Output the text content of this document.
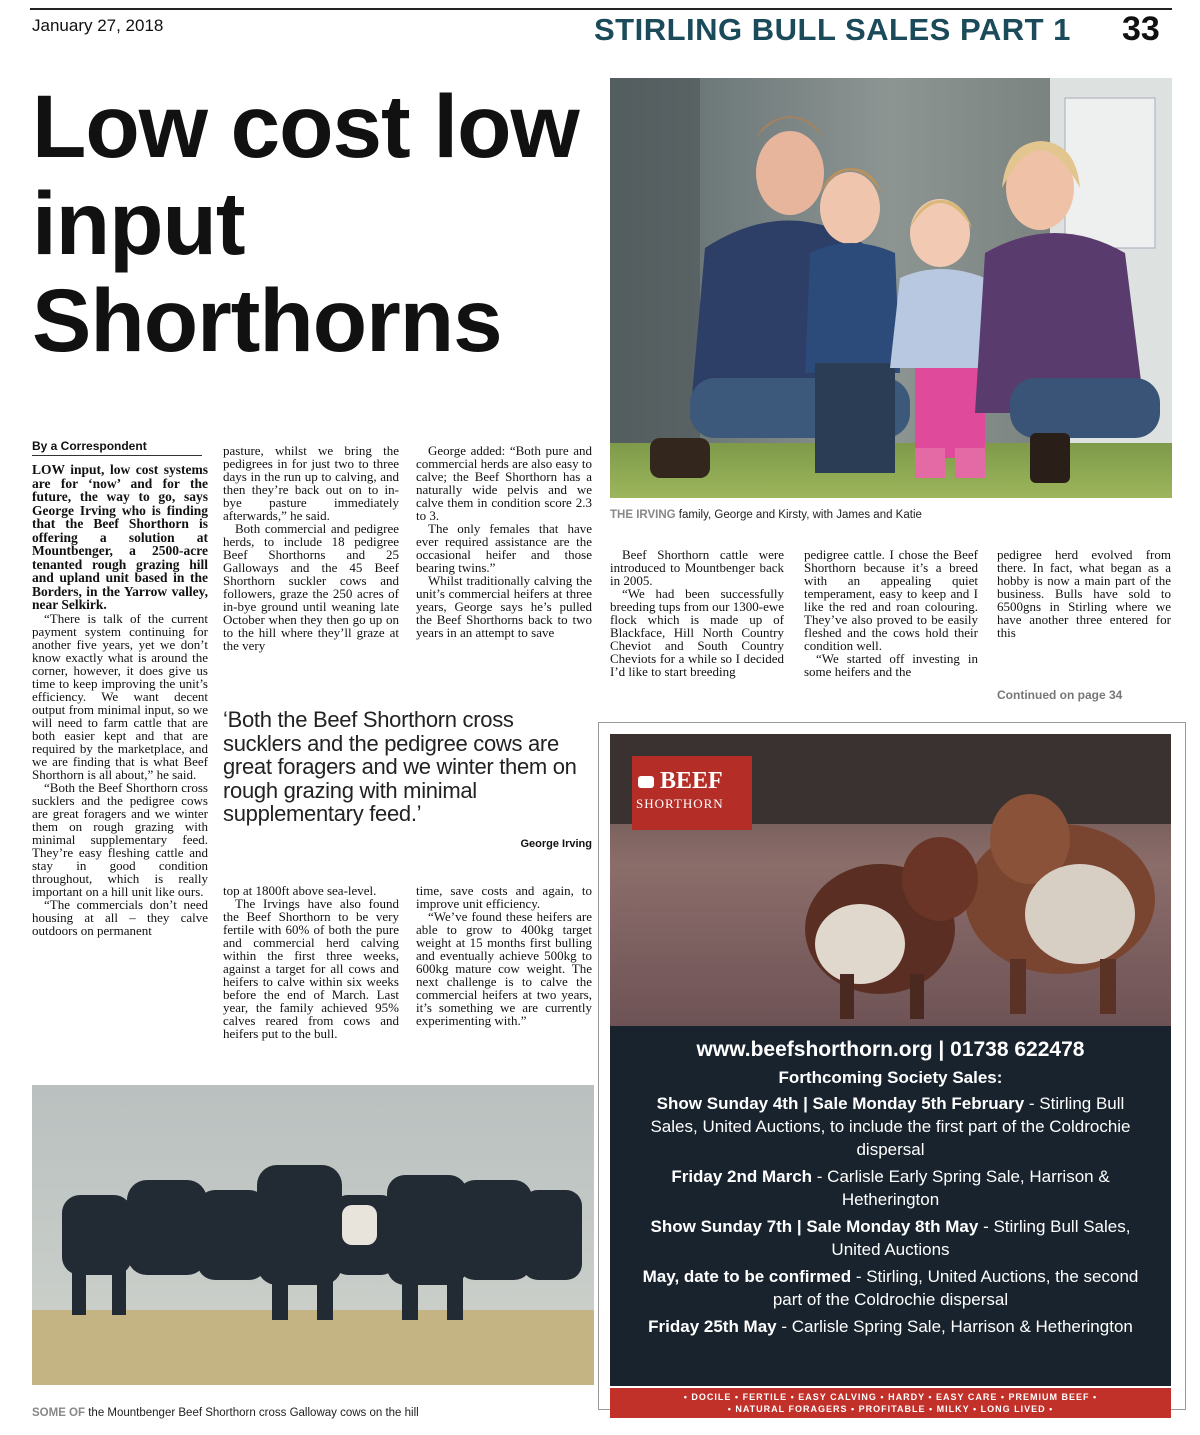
January 27, 2018	STIRLING BULL SALES PART 1 33
Low cost low input Shorthorns
By a Correspondent

LOW input, low cost systems are for ‘now’ and for the future, the way to go, says George Irving who is finding that the Beef Shorthorn is offering a solution at Mountbenger, a 2500-acre tenanted rough grazing hill and upland unit based in the Borders, in the Yarrow valley, near Selkirk.

“There is talk of the current payment system continuing for another five years, yet we don’t know exactly what is around the corner, however, it does give us time to keep improving the unit’s efficiency. We want decent output from minimal input, so we will need to farm cattle that are both easier kept and that are required by the marketplace, and we are finding that is what Beef Shorthorn is all about,” he said.

“Both the Beef Shorthorn cross sucklers and the pedigree cows are great foragers and we winter them on rough grazing with minimal supplementary feed. They’re easy fleshing cattle and stay in good condition throughout, which is really important on a hill unit like ours.

“The commercials don’t need housing at all – they calve outdoors on permanent

pasture, whilst we bring the pedigrees in for just two to three days in the run up to calving, and then they’re back out on to in-bye pasture immediately afterwards,” he said.

Both commercial and pedigree herds, to include 18 pedigree Beef Shorthorns and 25 Galloways and the 45 Beef Shorthorn suckler cows and followers, graze the 250 acres of in-bye ground until weaning late October when they then go up on to the hill where they’ll graze at the very

George added: “Both pure and commercial herds are also easy to calve; the Beef Shorthorn has a naturally wide pelvis and we calve them in condition score 2.3 to 3.

The only females that have ever required assistance are the occasional heifer and those bearing twins.”

Whilst traditionally calving the unit’s commercial heifers at three years, George says he’s pulled the Beef Shorthorns back to two years in an attempt to save

‘Both the Beef Shorthorn cross sucklers and the pedigree cows are great foragers and we winter them on rough grazing with minimal supplementary feed.’
George Irving

top at 1800ft above sea-level.

The Irvings have also found the Beef Shorthorn to be very fertile with 60% of both the pure and commercial herd calving within the first three weeks, against a target for all cows and heifers to calve within six weeks before the end of March. Last year, the family achieved 95% calves reared from cows and heifers put to the bull.

time, save costs and again, to improve unit efficiency.

“We’ve found these heifers are able to grow to 400kg target weight at 15 months first bulling and eventually achieve 500kg to 600kg mature cow weight. The next challenge is to calve the commercial heifers at two years, it’s something we are currently experimenting with.”

THE IRVING family, George and Kirsty, with James and Katie

Beef Shorthorn cattle were introduced to Mountbenger back in 2005.

“We had been successfully breeding tups from our 1300-ewe flock which is made up of Blackface, Hill North Country Cheviot and South Country Cheviots for a while so I decided I’d like to start breeding

pedigree cattle. I chose the Beef Shorthorn because it’s a breed with an appealing quiet temperament, easy to keep and I like the red and roan colouring. They’ve also proved to be easily fleshed and the cows hold their condition well.

“We started off investing in some heifers and the

pedigree herd evolved from there. In fact, what began as a hobby is now a main part of the business. Bulls have sold to 6500gns in Stirling where we have another three entered for this

Continued on page 34
SOME OF the Mountbenger Beef Shorthorn cross Galloway cows on the hill
BEEF
SHORTHORN
www.beefshorthorn.org | 01738 622478
Forthcoming Society Sales:
Show Sunday 4th | Sale Monday 5th February - Stirling Bull Sales, United Auctions, to include the first part of the Coldrochie dispersal
Friday 2nd March - Carlisle Early Spring Sale, Harrison & Hetherington
Show Sunday 7th | Sale Monday 8th May - Stirling Bull Sales, United Auctions
May, date to be confirmed - Stirling, United Auctions, the second part of the Coldrochie dispersal
Friday 25th May - Carlisle Spring Sale, Harrison & Hetherington
• DOCILE • FERTILE • EASY CALVING • HARDY • EASY CARE • PREMIUM BEEF •
• NATURAL FORAGERS • PROFITABLE • MILKY • LONG LIVED •
